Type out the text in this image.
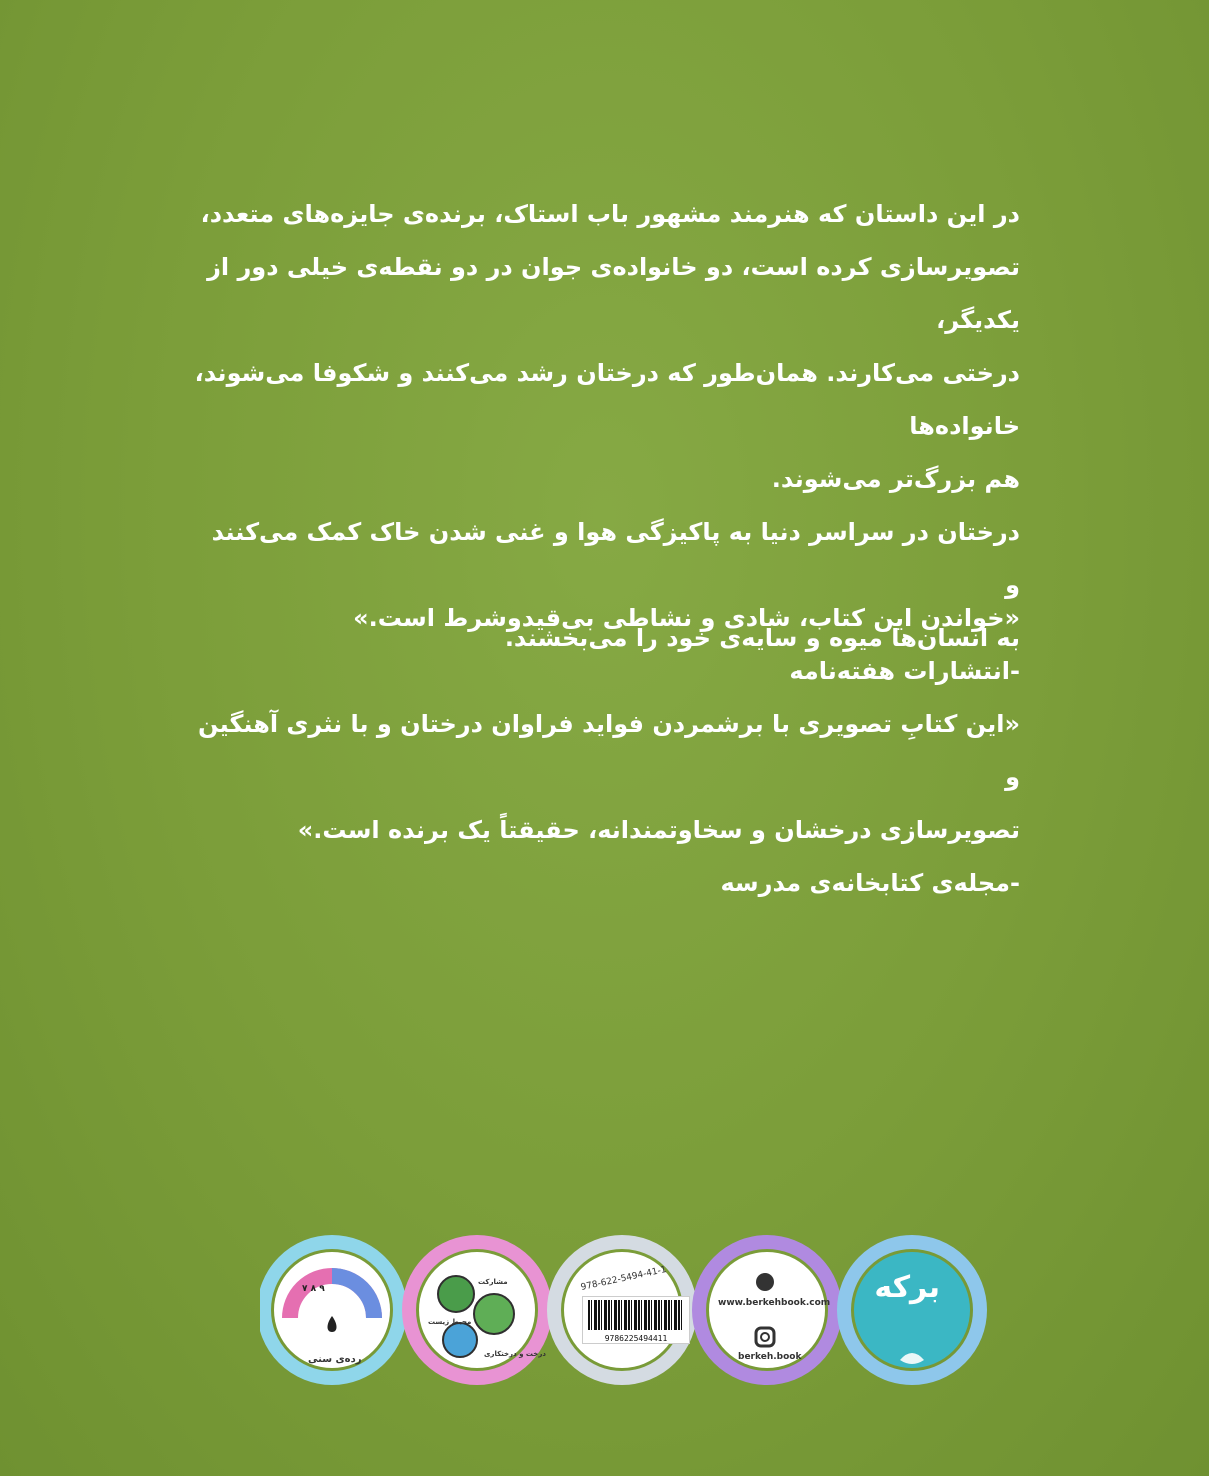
در این داستان که هنرمند مشهور باب استاک، برنده‌ی جایزه‌های متعدد،

تصویرسازی کرده است، دو خانواده‌ی جوان در دو نقطه‌ی خیلی دور از یکدیگر،

درختی می‌کارند. همان‌طور که درختان رشد می‌کنند و شکوفا می‌شوند، خانواده‌ها

هم بزرگ‌تر می‌شوند.

درختان در سراسر دنیا به پاکیزگی هوا و غنی شدن خاک کمک می‌کنند و

به انسان‌ها میوه و سایه‌ی خود را می‌بخشند.

«خواندن این کتاب، شادی و نشاطی بی‌قیدوشرط است.»

-انتشارات هفته‌نامه

«این کتابِ تصویری با برشمردن فواید فراوان درختان و با نثری آهنگین و

تصویرسازی درخشان و سخاوتمندانه، حقیقتاً یک برنده است.»

-مجله‌ی کتابخانه‌ی مدرسه

رده‌ی سنی
۷ ۸ ۹
محیط زیست
مشارکت
درخت و درختکاری
978-622-5494-41-1
9786225494411
www.berkehbook.com
berkeh.book
برکه
